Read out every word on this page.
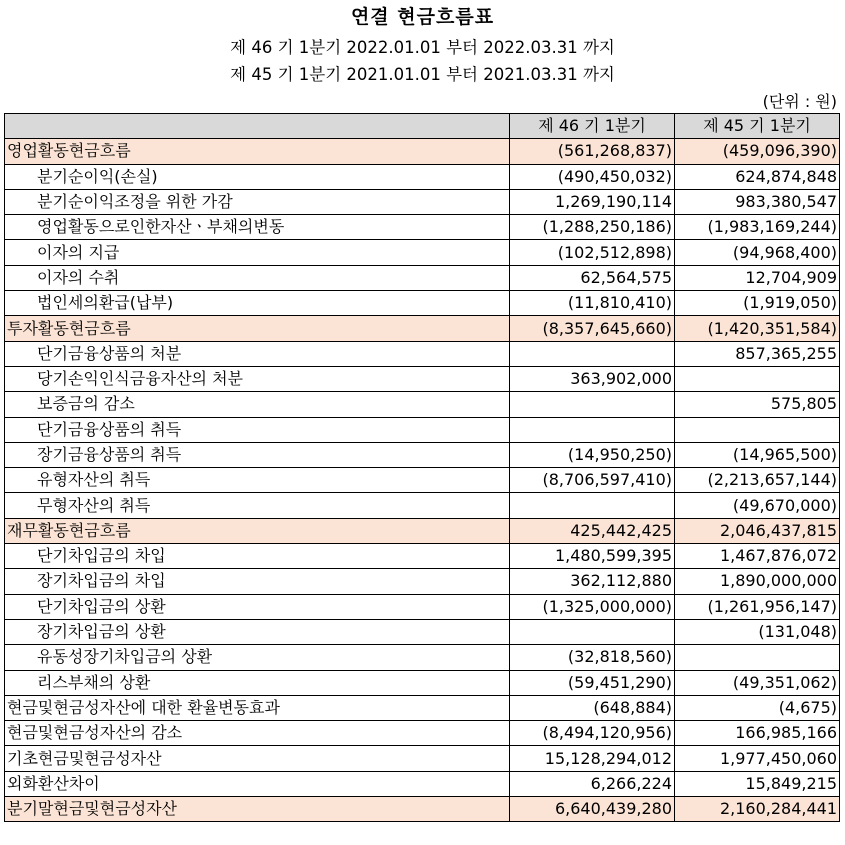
연결 현금흐름표
제 46 기 1분기 2022.01.01 부터 2022.03.31 까지
제 45 기 1분기 2021.01.01 부터 2021.03.31 까지
(단위 : 원)
	제 46 기 1분기	제 45 기 1분기
영업활동현금흐름	(561,268,837)	(459,096,390)
분기순이익(손실)	(490,450,032)	624,874,848
분기순이익조정을 위한 가감	1,269,190,114	983,380,547
영업활동으로인한자산ㆍ부채의변동	(1,288,250,186)	(1,983,169,244)
이자의 지급	(102,512,898)	(94,968,400)
이자의 수취	62,564,575	12,704,909
법인세의환급(납부)	(11,810,410)	(1,919,050)
투자활동현금흐름	(8,357,645,660)	(1,420,351,584)
단기금융상품의 처분		857,365,255
당기손익인식금융자산의 처분	363,902,000	
보증금의 감소		575,805
단기금융상품의 취득		
장기금융상품의 취득	(14,950,250)	(14,965,500)
유형자산의 취득	(8,706,597,410)	(2,213,657,144)
무형자산의 취득		(49,670,000)
재무활동현금흐름	425,442,425	2,046,437,815
단기차입금의 차입	1,480,599,395	1,467,876,072
장기차입금의 차입	362,112,880	1,890,000,000
단기차입금의 상환	(1,325,000,000)	(1,261,956,147)
장기차입금의 상환		(131,048)
유동성장기차입금의 상환	(32,818,560)	
리스부채의 상환	(59,451,290)	(49,351,062)
현금및현금성자산에 대한 환율변동효과	(648,884)	(4,675)
현금및현금성자산의 감소	(8,494,120,956)	166,985,166
기초현금및현금성자산	15,128,294,012	1,977,450,060
외화환산차이	6,266,224	15,849,215
분기말현금및현금성자산	6,640,439,280	2,160,284,441
